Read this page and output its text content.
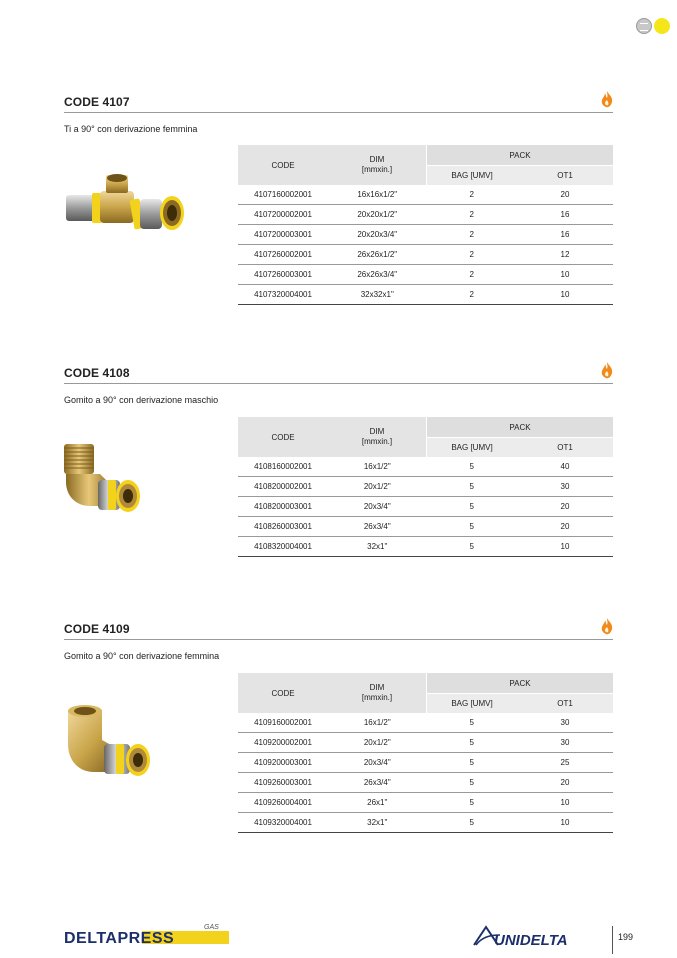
CODE 4107
Ti a 90° con derivazione femmina
CODE	DIM
[mmxin.]	PACK	
		BAG [UMV]	OT1
4107160002001	16x16x1/2"	2	20
4107200002001	20x20x1/2"	2	16
4107200003001	20x20x3/4"	2	16
4107260002001	26x26x1/2"	2	12
4107260003001	26x26x3/4"	2	10
4107320004001	32x32x1"	2	10
CODE 4108
Gomito a 90° con derivazione maschio
CODE	DIM
[mmxin.]	PACK	
		BAG [UMV]	OT1
4108160002001	16x1/2"	5	40
4108200002001	20x1/2"	5	30
4108200003001	20x3/4"	5	20
4108260003001	26x3/4"	5	20
4108320004001	32x1"	5	10
CODE 4109
Gomito a 90° con derivazione femmina
CODE	DIM
[mmxin.]	PACK	
		BAG [UMV]	OT1
4109160002001	16x1/2"	5	30
4109200002001	20x1/2"	5	30
4109200003001	20x3/4"	5	25
4109260003001	26x3/4"	5	20
4109260004001	26x1"	5	10
4109320004001	32x1"	5	10
GAS
DELTAPRESS	UNIDELTA	199
